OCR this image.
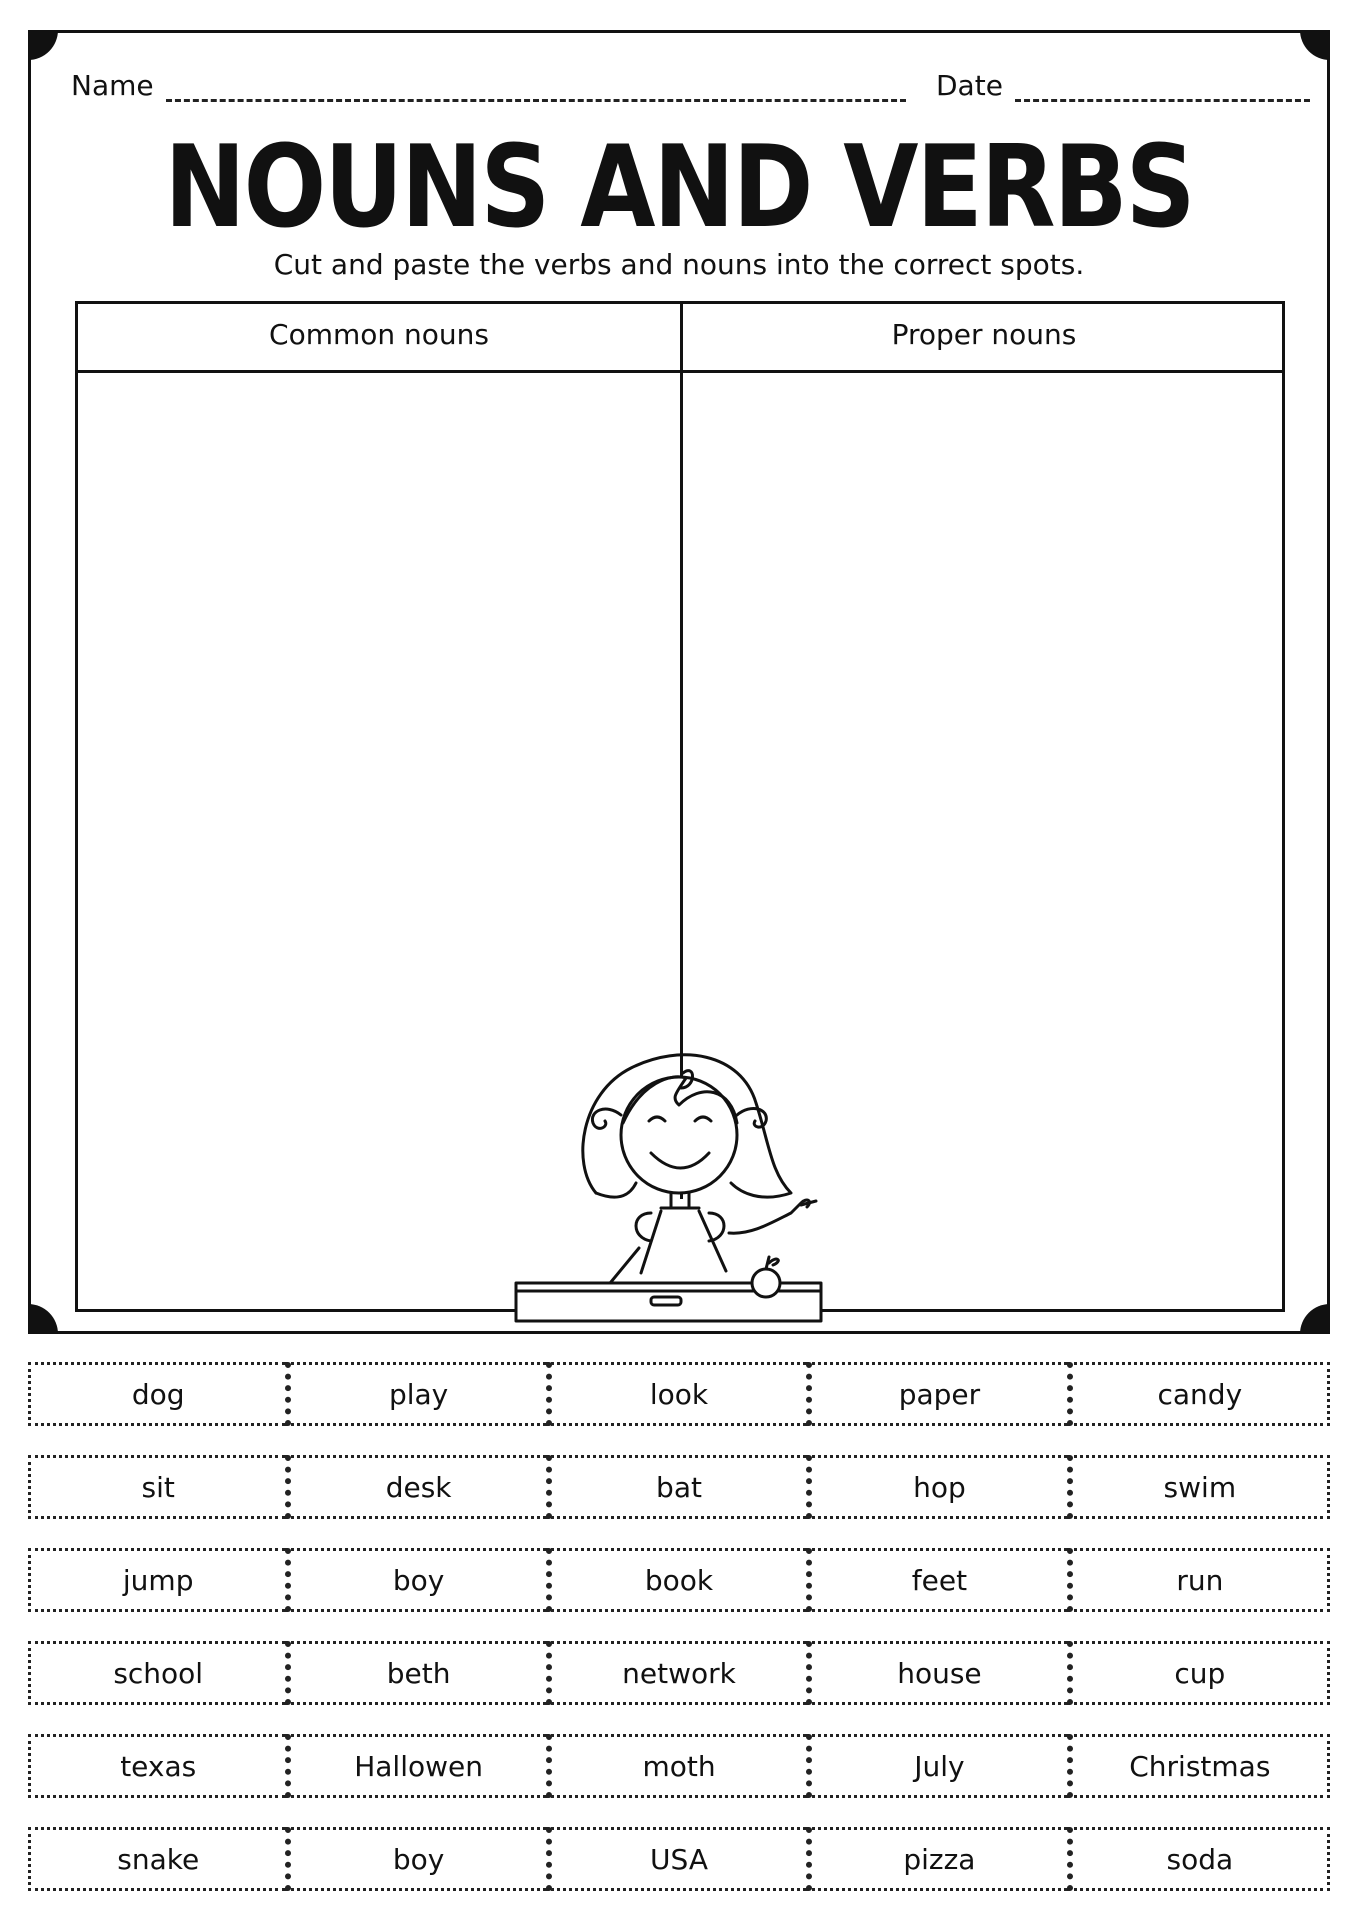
Name	Date
NOUNS AND VERBS
Cut and paste the verbs and nouns into the correct spots.
Common nouns	Proper nouns
dog	play	look	paper	candy
sit	desk	bat	hop	swim
jump	boy	book	feet	run
school	beth	network	house	cup
texas	Hallowen	moth	July	Christmas
snake	boy	USA	pizza	soda
